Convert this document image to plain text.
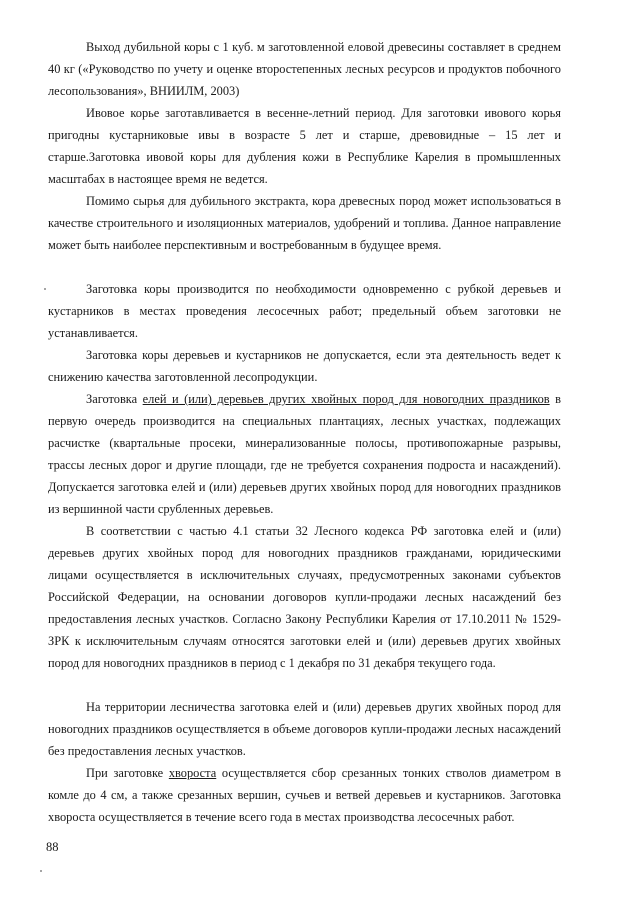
Выход дубильной коры с 1 куб. м заготовленной еловой древесины составляет в среднем 40 кг («Руководство по учету и оценке второстепенных лесных ресурсов и продуктов побочного лесопользования», ВНИИЛМ, 2003)

Ивовое корье заготавливается в весенне-летний период. Для заготовки ивового корья пригодны кустарниковые ивы в возрасте 5 лет и старше, древовидные – 15 лет и старше.Заготовка ивовой коры для дубления кожи в Республике Карелия в промышленных масштабах в настоящее время не ведется.

Помимо сырья для дубильного экстракта, кора древесных пород может использоваться в качестве строительного и изоляционных материалов, удобрений и топлива. Данное направление может быть наиболее перспективным и востребованным в будущее время.

Заготовка коры производится по необходимости одновременно с рубкой деревьев и кустарников в местах проведения лесосечных работ; предельный объем заготовки не устанавливается.

Заготовка коры деревьев и кустарников не допускается, если эта деятельность ведет к снижению качества заготовленной лесопродукции.

Заготовка елей и (или) деревьев других хвойных пород для новогодних праздников в первую очередь производится на специальных плантациях, лесных участках, подлежащих расчистке (квартальные просеки, минерализованные полосы, противопожарные разрывы, трассы лесных дорог и другие площади, где не требуется сохранения подроста и насаждений). Допускается заготовка елей и (или) деревьев других хвойных пород для новогодних праздников из вершинной части срубленных деревьев.

В соответствии с частью 4.1 статьи 32 Лесного кодекса РФ заготовка елей и (или) деревьев других хвойных пород для новогодних праздников гражданами, юридическими лицами осуществляется в исключительных случаях, предусмотренных законами субъектов Российской Федерации, на основании договоров купли-продажи лесных насаждений без предоставления лесных участков. Согласно Закону Республики Карелия от 17.10.2011 № 1529-ЗРК к исключительным случаям относятся заготовки елей и (или) деревьев других хвойных пород для новогодних праздников в период с 1 декабря по 31 декабря текущего года.

На территории лесничества заготовка елей и (или) деревьев других хвойных пород для новогодних праздников осуществляется в объеме договоров купли-продажи лесных насаждений без предоставления лесных участков.

При заготовке хвороста осуществляется сбор срезанных тонких стволов диаметром в комле до 4 см, а также срезанных вершин, сучьев и ветвей деревьев и кустарников. Заготовка хвороста осуществляется в течение всего года в местах производства лесосечных работ.

88
